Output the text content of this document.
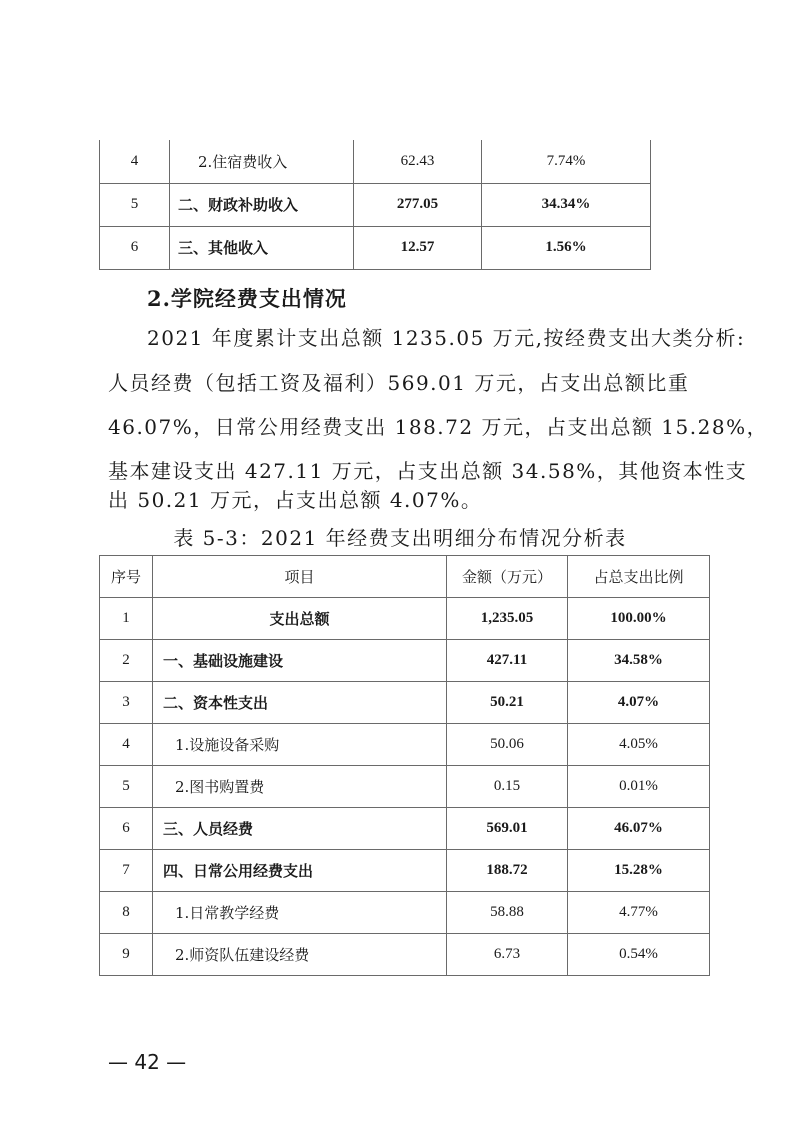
4	2.住宿费收入	62.43	7.74%
5	二、财政补助收入	277.05	34.34%
6	三、其他收入	12.57	1.56%
2.学院经费支出情况
2021 年度累计支出总额 1235.05 万元,按经费支出大类分析:
人员经费（包括工资及福利）569.01 万元，占支出总额比重
46.07%，日常公用经费支出 188.72 万元，占支出总额 15.28%，
基本建设支出 427.11 万元，占支出总额 34.58%，其他资本性支
出 50.21 万元，占支出总额 4.07%。
表 5-3：2021 年经费支出明细分布情况分析表
序号	项目	金额（万元）	占总支出比例
1	支出总额	1,235.05	100.00%
2	一、基础设施建设	427.11	34.58%
3	二、资本性支出	50.21	4.07%
4	1.设施设备采购	50.06	4.05%
5	2.图书购置费	0.15	0.01%
6	三、人员经费	569.01	46.07%
7	四、日常公用经费支出	188.72	15.28%
8	1.日常教学经费	58.88	4.77%
9	2.师资队伍建设经费	6.73	0.54%
— 42 —
